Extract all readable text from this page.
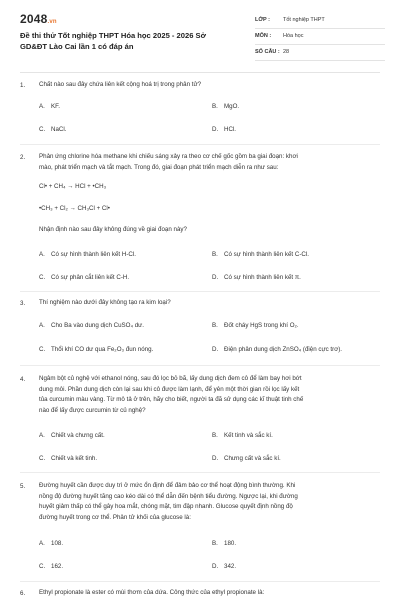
2048.vn
Đề thi thử Tốt nghiệp THPT Hóa học 2025 - 2026 Sở
GD&ĐT Lào Cai lần 1 có đáp án
LỚP : Tốt nghiệp THPT
MÔN : Hóa học
SỐ CÂU : 28
1. Chất nào sau đây chứa liên kết cộng hoá trị trong phân tử?
A. KF.	B. MgO.
C. NaCl.	D. HCl.
2. Phản ứng chlorine hóa methane khi chiếu sáng xảy ra theo cơ chế gốc gồm ba giai đoạn: khơi
mào, phát triển mạch và tắt mạch. Trong đó, giai đoạn phát triển mạch diễn ra như sau:
Cl• + CH₄ → HCl + •CH₃
•CH₃ + Cl₂ → CH₃Cl + Cl•
Nhận định nào sau đây không đúng về giai đoạn này?
A. Có sự hình thành liên kết H-Cl.	B. Có sự hình thành liên kết C-Cl.
C. Có sự phân cắt liên kết C-H.	D. Có sự hình thành liên kết π.
3. Thí nghiệm nào dưới đây không tạo ra kim loại?
A. Cho Ba vào dung dịch CuSO₄ dư.	B. Đốt cháy HgS trong khí O₂.
C. Thổi khí CO dư qua Fe₂O₃ đun nóng.	D. Điện phân dung dịch ZnSO₄ (điện cực trơ).
4. Ngâm bột củ nghệ với ethanol nóng, sau đó lọc bỏ bã, lấy dung dịch đem cô để làm bay hơi bớt
dung môi. Phần dung dịch còn lại sau khi cô được làm lạnh, để yên một thời gian rồi lọc lấy kết
tủa curcumin màu vàng. Từ mô tả ở trên, hãy cho biết, người ta đã sử dụng các kĩ thuật tinh chế
nào để lấy được curcumin từ củ nghệ?
A. Chiết và chưng cất.	B. Kết tinh và sắc kí.
C. Chiết và kết tinh.	D. Chưng cất và sắc kí.
5. Đường huyết cần được duy trì ở mức ổn định để đảm bảo cơ thể hoạt động bình thường. Khi
nồng độ đường huyết tăng cao kéo dài có thể dẫn đến bệnh tiểu đường. Ngược lại, khi đường
huyết giảm thấp có thể gây hoa mắt, chóng mặt, tim đập nhanh. Glucose quyết định nồng độ
đường huyết trong cơ thể. Phân tử khối của glucose là:
A. 108.	B. 180.
C. 162.	D. 342.
6. Ethyl propionate là ester có mùi thơm của dứa. Công thức của ethyl propionate là:
